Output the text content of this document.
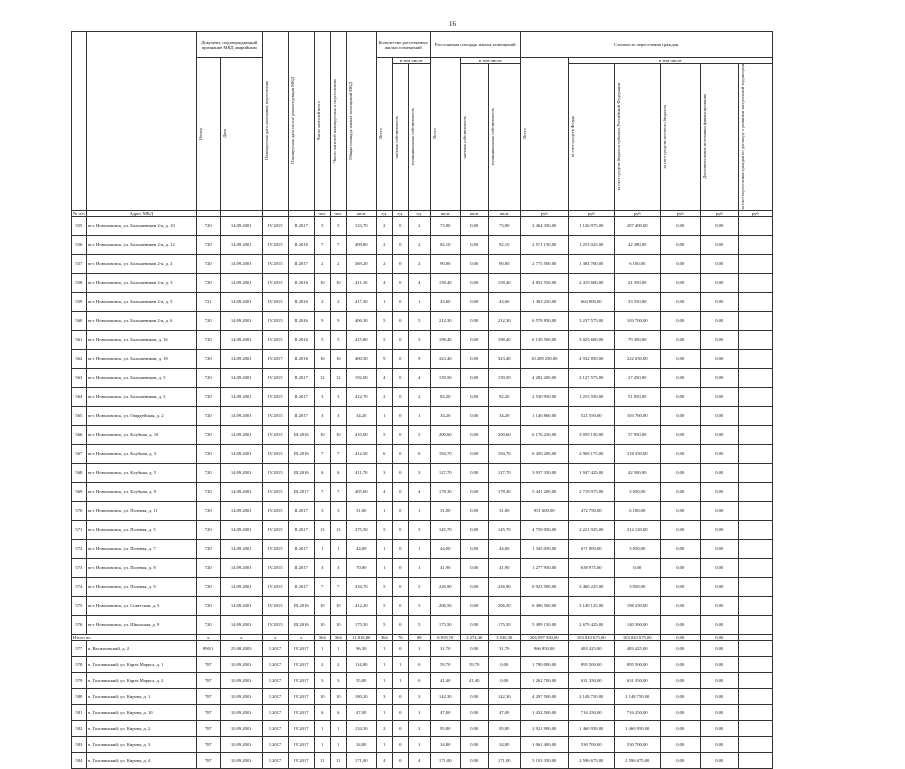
16
		Документ, подтверждающий признание МКД аварийным		Планируемая дата окончания переселения	Планируемая дата сноса/ реконструкции МКД	Число жителей всего	Число жителей планируемых к переселению	Общая площадь жилых помещений МКД	Количество расселяемых жилых помещений			Расселяемая площадь жилых помещений			Стоимость переселения граждан					

		Номер	Дата						Всего	в том числе		Всего	в том числе		Всего	в том числе				

										частная собственность	муниципальная собственность		частная собственность	муниципальная собственность		за счет средств Фонда	за счет средств бюджета субъекта Российской Федерации	за счет средств местного бюджета	Дополнительные источники финансирования	за счет переселения граждан по договору о развитии застроенной территории

№ п/п	Адрес МКД					чел.	чел.	кв.м	ед.	ед.	ед.	кв.м	кв.м	кв.м	руб	руб	руб	руб	руб	руб
555	пгт. Новольвовск, ул. Большевиков 2-я, д. 10	720	14.09.2001	IV.2015	II.2017	5	5	123,70	2	0	2	73,90	0,00	73,90	2 464 350,00	1 126 975,00	207 400,00	0,00	0,00	
556	пгт. Новольвовск, ул. Большевиков 2-я, д. 12	720	14.09.2001	IV.2015	II.2016	7	7	409,80	2	0	2	82,10	0,00	82,10	2 571 150,00	1 253 025,00	42 380,00	0,00	0,00	
557	пгт. Новольвовск, ул. Большевиков 2-я, д. 2	720	14.09.2001	IV.2015	II.2017	2	2	369,20	2	0	2	90,80	0,00	90,80	2 775 500,00	1 384 700,00	6 100,00	0,00	0,00	
558	пгт. Новольвовск, ул. Большевиков 2-я, д. 3	720	14.09.2001	IV.2015	II.2016	10	10	411,10	4	0	4	158,40	0,00	158,40	4 852 550,00	2 415 600,00	21 350,00	0,00	0,00	
559	пгт. Новольвовск, ул. Большевиков 2-я, д. 5	721	14.09.2001	IV.2015	II.2016	2	2	417,30	1	0	1	43,60	0,00	43,60	1 363 250,00	664 900,00	33 550,00	0,00	0,00	
560	пгт. Новольвовск, ул. Большевиков 2-я, д. 6	720	14.09.2001	IV.2015	II.2016	9	9	406,30	5	0	5	212,30	0,00	212,30	6 578 850,00	3 237 575,00	103 700,00	0,00	0,00	
561	пгт. Новольвовск, ул. Большевиков, д. 16	720	14.09.2001	IV.2015	II.2016	5	5	415,80	5	0	5	198,40	0,00	198,40	6 130 500,00	3 025 600,00	79 300,00	0,00	0,00	
562	пгт. Новольвовск, ул. Большевиков, д. 18	720	14.09.2001	IV.2017	II.2016	16	16	400,50	9	0	9	323,40	0,00	323,40	10 208 250,00	4 932 850,00	222 650,00	0,00	0,00	
563	пгт. Новольвовск, ул. Большевиков, д. 5	720	14.09.2001	IV.2015	II.2017	12	12	192,00	4	0	4	139,50	0,00	139,50	4 282 200,00	2 127 575,00	27 450,00	0,00	0,00	
564	пгт. Новольвовск, ул. Большевиков, д. 3	720	14.09.2001	IV.2015	II.2017	3	3	412,70	2	0	2	82,20	0,00	82,20	2 530 950,00	1 253 550,00	51 850,00	0,00	0,00	
565	пгт. Новольвовск, ул. Гвардейская, д. 2	720	14.09.2001	IV.2015	II.2017	3	3	34,20	1	0	1	34,20	0,00	34,20	1 146 860,00	521 550,00	103 760,00	0,00	0,00	
566	пгт. Новольвовск, ул. Клубная, д. 10	720	14.09.2001	IV.2015	III.2016	10	10	410,00	5	0	5	200,60	0,00	200,60	6 176 250,00	3 059 150,00	57 950,00	0,00	0,00	
567	пгт. Новольвовск, ул. Клубная, д. 3	720	14.09.2001	IV.2015	III.2016	7	7	412,50	6	0	6	194,70	0,00	194,70	6 456 200,00	2 969 175,00	518 350,00	0,00	0,00	
568	пгт. Новольвовск, ул. Клубная, д. 5	720	14.09.2001	IV.2015	III.2016	6	6	411,70	3	0	3	127,70	0,00	127,70	3 937 350,00	1 947 425,00	42 500,00	0,00	0,00	
569	пгт. Новольвовск, ул. Клубная, д. 9	720	14.09.2001	IV.2015	III.2017	7	7	405,00	4	0	4	178,30	0,00	178,30	5 441 200,00	2 719 075,00	3 050,00	0,00	0,00	
570	пгт. Новольвовск, ул. Полевая, д. 11	720	14.09.2001	IV.2015	II.2017	3	3	31,00	1	0	1	31,00	0,00	31,00	951 600,00	472 750,00	6 100,00	0,00	0,00	
571	пгт. Новольвовск, ул. Полевая, д. 5	720	14.09.2001	IV.2015	II.2017	13	13	375,50	5	0	5	145,70	0,00	145,70	4 759 050,00	2 221 925,00	314 120,00	0,00	0,00	
572	пгт. Новольвовск, ул. Полевая, д. 7	720	14.09.2001	IV.2015	II.2017	1	1	44,00	1	0	1	44,00	0,00	44,00	1 345 050,00	671 000,00	3 050,00	0,00	0,00	
573	пгт. Новольвовск, ул. Полевая, д. 8	720	14.09.2001	IV.2015	II.2017	3	3	70,00	1	0	1	41,90	0,00	41,90	1 277 950,00	638 975,00	0,00	0,00	0,00	
574	пгт. Новольвовск, ул. Полевая, д. 9	720	14.09.2001	IV.2015	II.2017	7	7	334,70	5	0	5	226,90	0,00	226,90	6 923 500,00	3 460 225,00	3 050,00	0,00	0,00	
575	пгт. Новольвовск, ул. Советская, д. 5	720	14.09.2001	IV.2015	III.2016	10	10	412,20	5	0	5	206,50	0,00	206,50	6 496 500,00	3 149 125,00	198 250,00	0,00	0,00	
576	пгт. Новольвовск, ул. Школьная, д. 9	720	14.09.2001	IV.2015	III.2016	10	10	175,50	5	0	5	175,50	0,00	175,50	5 499 150,00	2 679 425,00	140 300,00	0,00	0,00	
Итого по		х	х	х	х	364	364	11 816,80	364	76	88	6 819,70	2 274,40	3 536,30	206 097 350,00	103 043 675,00	103 043 675,00	0,00	0,00	
577	п. Васильевский, д. 2	890/1	25.08.2003	I.2017	IV.2017	1	1	96,30	1	0	1	31,70	0,00	31,70	966 850,00	483 425,00	483 425,00	0,00	0,00	
578	п. Головинский, ул. Карла Маркса, д. 1	787	10.09.2001	I.2017	IV.2017	2	2	114,80	1	1	0	59,70	59,70	0,00	1 790 000,00	895 500,00	895 500,00	0,00	0,00	
579	п. Головинский, ул. Карла Маркса, д. 2	787	10.09.2001	I.2017	IV.2017	3	3	55,80	1	1	0	41,40	41,40	0,00	1 262 700,00	631 350,00	631 350,00	0,00	0,00	
580	п. Головинский, ул. Кирова, д. 1	787	10.09.2001	I.2017	IV.2017	10	10	180,20	3	0	3	142,30	0,00	142,30	4 297 500,00	2 148 750,00	2 148 750,00	0,00	0,00	
581	п. Головинский, ул. Кирова, д. 10	787	10.09.2001	I.2017	IV.2017	6	6	47,00	1	0	1	47,00	0,00	47,00	1 432 500,00	716 250,00	716 250,00	0,00	0,00	
582	п. Головинский, ул. Кирова, д. 2	787	10.09.2001	I.2017	IV.2017	1	1	134,50	2	0	2	95,80	0,00	95,80	2 921 900,00	1 460 950,00	1 460 950,00	0,00	0,00	
583	п. Головинский, ул. Кирова, д. 3	787	10.09.2001	I.2017	IV.2017	1	1	34,80	1	0	1	34,80	0,00	34,80	1 061 400,00	530 700,00	530 700,00	0,00	0,00	
584	п. Головинский, ул. Кирова, д. 4	787	10.09.2001	I.2017	IV.2017	11	11	171,00	4	0	4	171,00	0,00	171,00	5 193 350,00	2 596 675,00	2 596 675,00	0,00	0,00	
